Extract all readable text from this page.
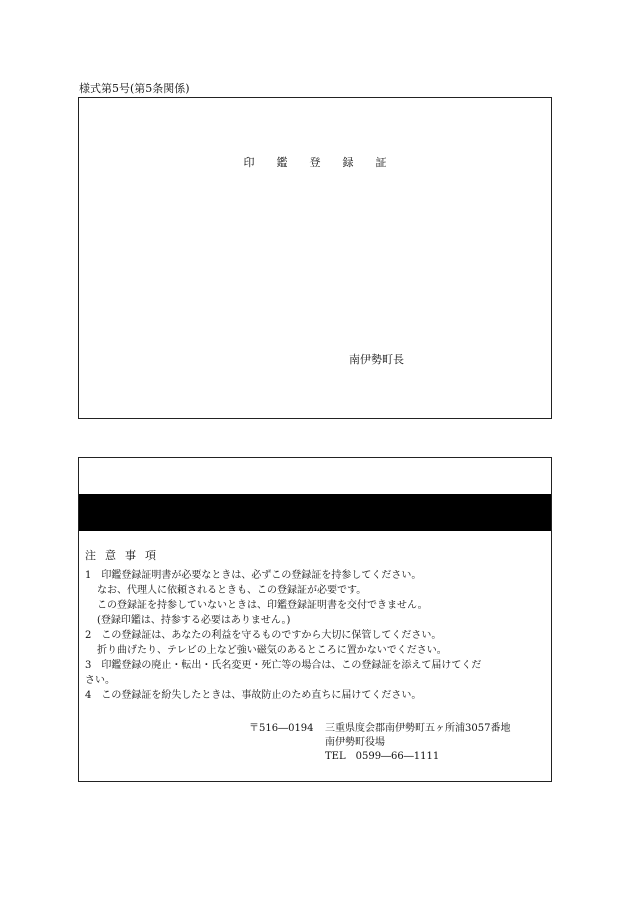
様式第5号(第5条関係)
印 鑑 登 録 証
南伊勢町長
注 意 事 項
1　印鑑登録証明書が必要なときは、必ずこの登録証を持参してください。
なお、代理人に依頼されるときも、この登録証が必要です。
この登録証を持参していないときは、印鑑登録証明書を交付できません。
(登録印鑑は、持参する必要はありません。)
2　この登録証は、あなたの利益を守るものですから大切に保管してください。
折り曲げたり、テレビの上など強い磁気のあるところに置かないでください。
3　印鑑登録の廃止・転出・氏名変更・死亡等の場合は、この登録証を添えて届けてくだ
さい。
4　この登録証を紛失したときは、事故防止のため直ちに届けてください。
〒516―0194 三重県度会郡南伊勢町五ヶ所浦3057番地
南伊勢町役場
TEL　0599―66―1111
